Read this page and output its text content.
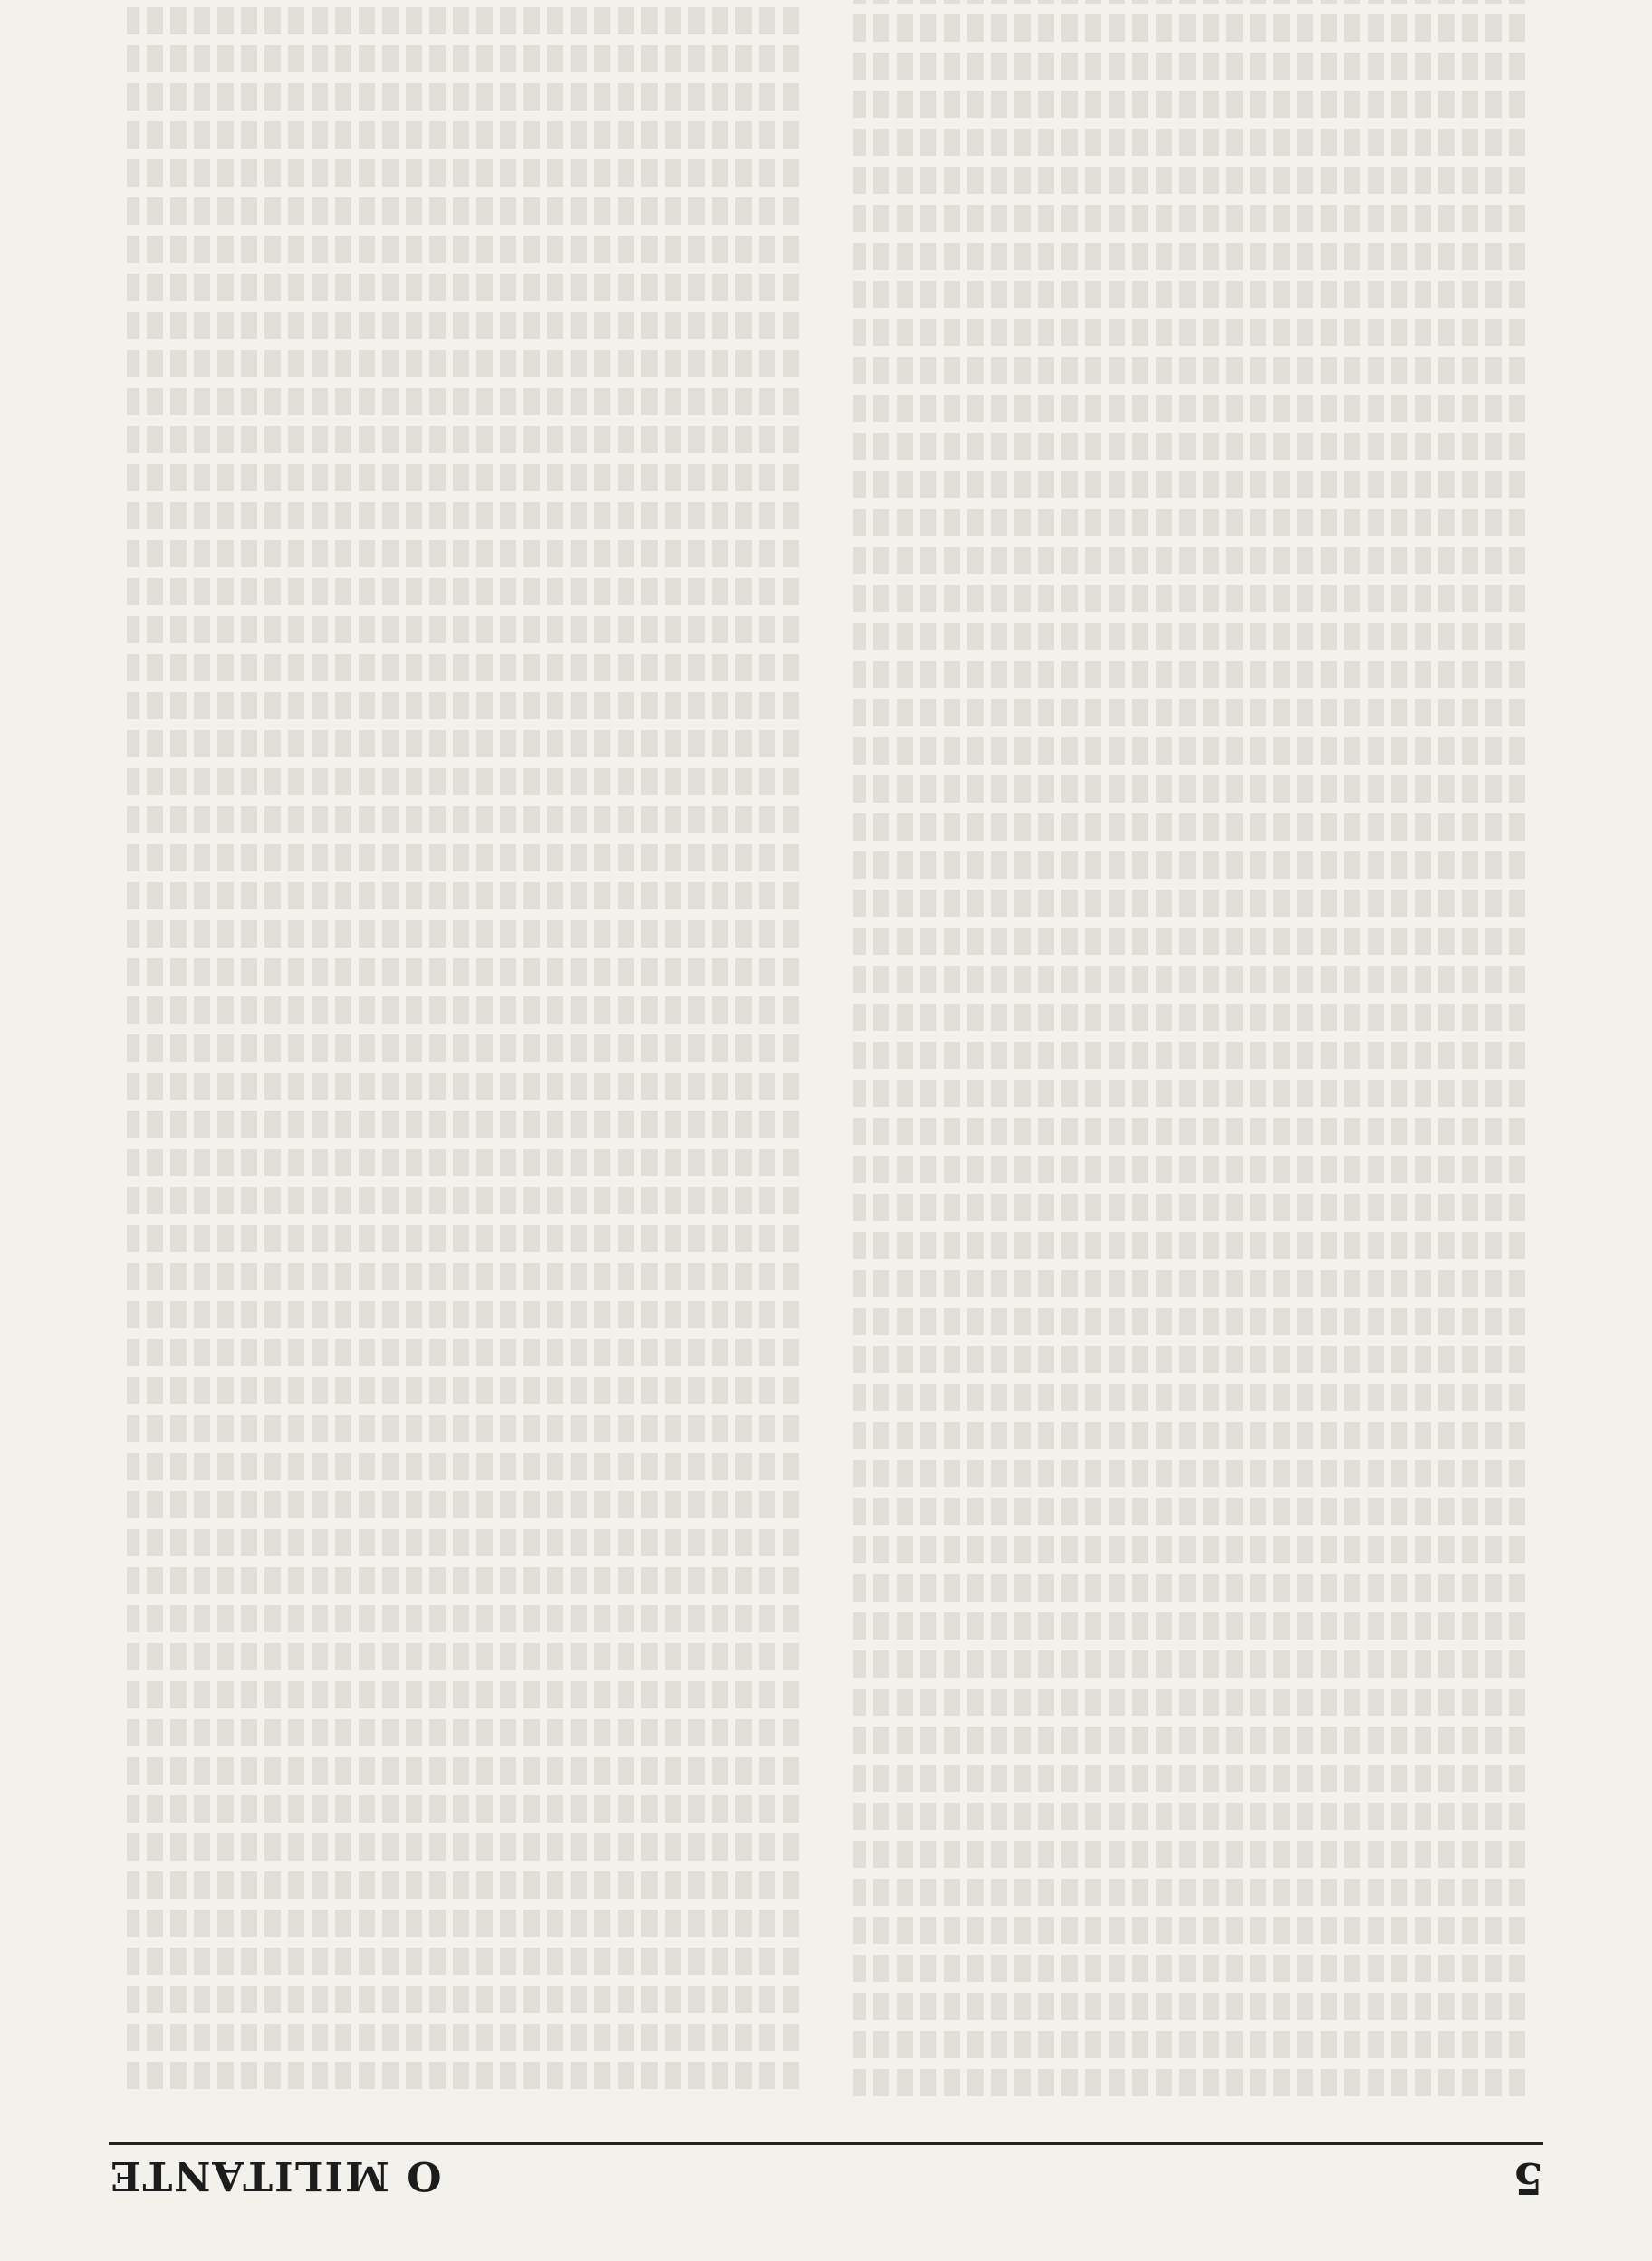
5
O MILITANTE
